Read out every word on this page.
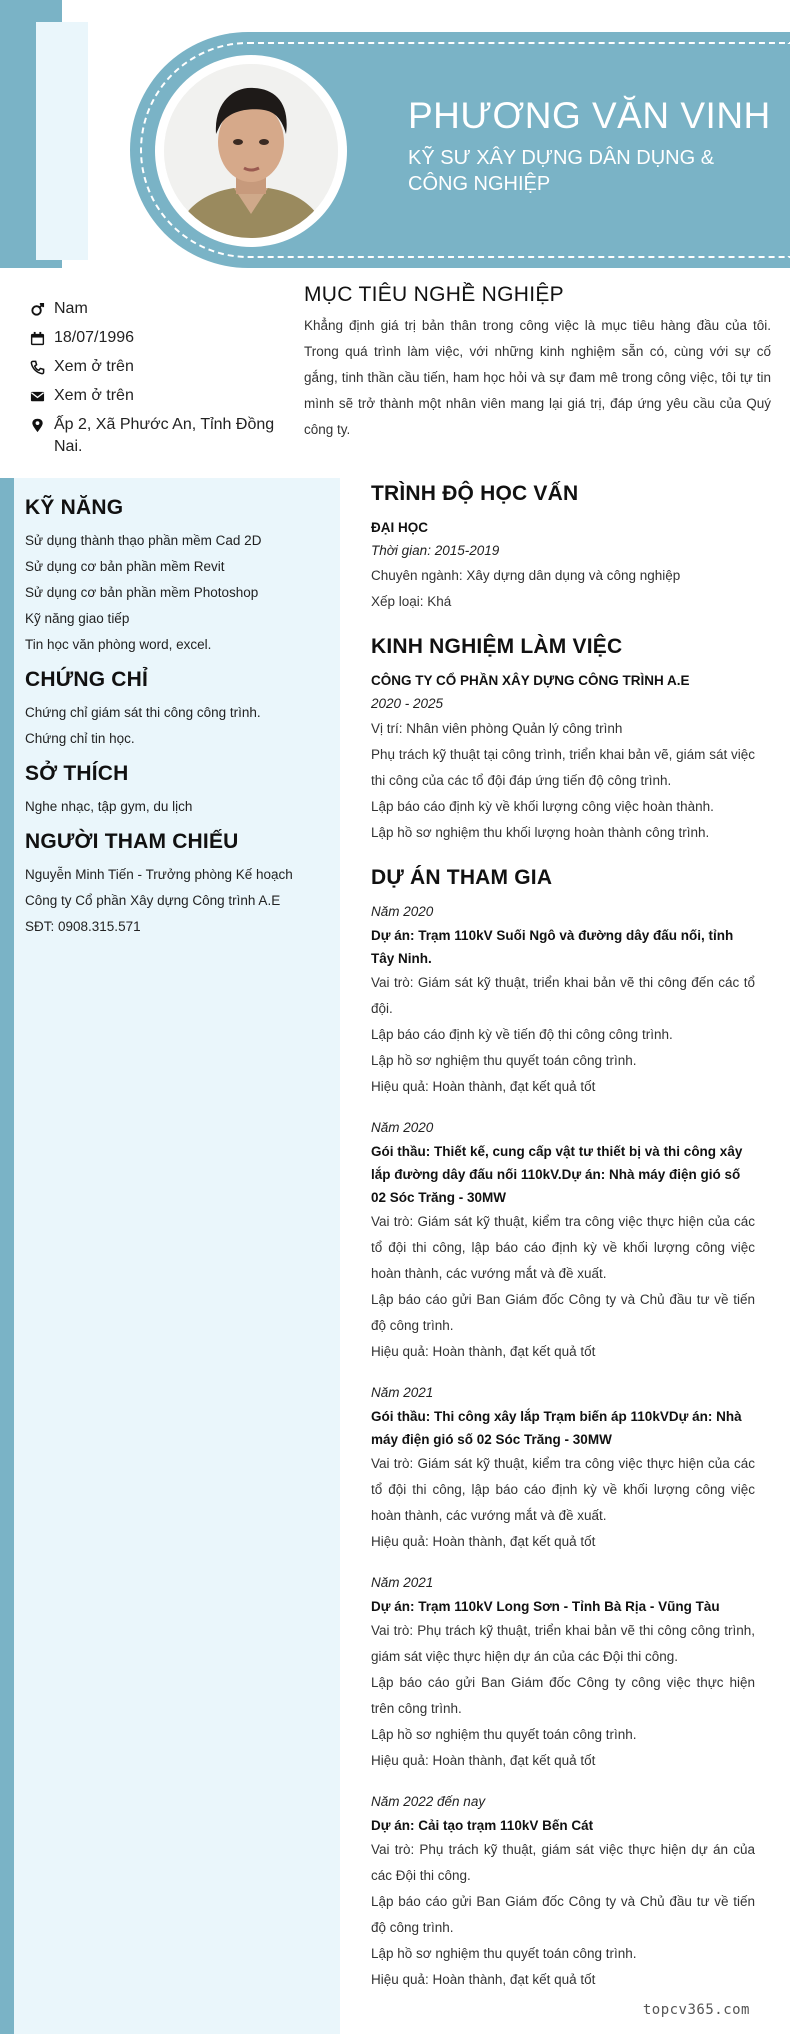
PHƯƠNG VĂN VINH
KỸ SƯ XÂY DỰNG DÂN DỤNG & CÔNG NGHIỆP
Nam
18/07/1996
Xem ở trên
Xem ở trên
Ấp 2, Xã Phước An, Tỉnh Đồng Nai.
MỤC TIÊU NGHỀ NGHIỆP

Khẳng định giá trị bản thân trong công việc là mục tiêu hàng đầu của tôi. Trong quá trình làm việc, với những kinh nghiệm sẵn có, cùng với sự cố gắng, tinh thần cầu tiến, ham học hỏi và sự đam mê trong công việc, tôi tự tin mình sẽ trở thành một nhân viên mang lại giá trị, đáp ứng yêu cầu của Quý công ty.

KỸ NĂNG
Sử dụng thành thạo phần mềm Cad 2D
Sử dụng cơ bản phần mềm Revit
Sử dụng cơ bản phần mềm Photoshop
Kỹ năng giao tiếp
Tin học văn phòng word, excel.
CHỨNG CHỈ
Chứng chỉ giám sát thi công công trình.
Chứng chỉ tin học.
SỞ THÍCH
Nghe nhạc, tập gym, du lịch
NGƯỜI THAM CHIẾU
Nguyễn Minh Tiến - Trưởng phòng Kế hoạch
Công ty Cổ phần Xây dựng Công trình A.E
SĐT: 0908.315.571
TRÌNH ĐỘ HỌC VẤN
ĐẠI HỌC
Thời gian: 2015-2019
Chuyên ngành: Xây dựng dân dụng và công nghiệp
Xếp loại: Khá
KINH NGHIỆM LÀM VIỆC
CÔNG TY CỔ PHẦN XÂY DỰNG CÔNG TRÌNH A.E
2020 - 2025
Vị trí: Nhân viên phòng Quản lý công trình
Phụ trách kỹ thuật tại công trình, triển khai bản vẽ, giám sát việc thi công của các tổ đội đáp ứng tiến độ công trình.
Lập báo cáo định kỳ về khối lượng công việc hoàn thành.
Lập hồ sơ nghiệm thu khối lượng hoàn thành công trình.
DỰ ÁN THAM GIA
Năm 2020
Dự án: Trạm 110kV Suối Ngô và đường dây đấu nối, tỉnh Tây Ninh.
Vai trò: Giám sát kỹ thuật, triển khai bản vẽ thi công đến các tổ đội.
Lập báo cáo định kỳ về tiến độ thi công công trình.
Lập hồ sơ nghiệm thu quyết toán công trình.
Hiệu quả: Hoàn thành, đạt kết quả tốt
Năm 2020
Gói thầu: Thiết kế, cung cấp vật tư thiết bị và thi công xây lắp đường dây đấu nối 110kV.Dự án: Nhà máy điện gió số 02 Sóc Trăng - 30MW
Vai trò: Giám sát kỹ thuật, kiểm tra công việc thực hiện của các tổ đội thi công, lập báo cáo định kỳ về khối lượng công việc hoàn thành, các vướng mắt và đề xuất.
Lập báo cáo gửi Ban Giám đốc Công ty và Chủ đầu tư về tiến độ công trình.
Hiệu quả: Hoàn thành, đạt kết quả tốt
Năm 2021
Gói thầu: Thi công xây lắp Trạm biến áp 110kVDự án: Nhà máy điện gió số 02 Sóc Trăng - 30MW
Vai trò: Giám sát kỹ thuật, kiểm tra công việc thực hiện của các tổ đội thi công, lập báo cáo định kỳ về khối lượng công việc hoàn thành, các vướng mắt và đề xuất.
Hiệu quả: Hoàn thành, đạt kết quả tốt
Năm 2021
Dự án: Trạm 110kV Long Sơn - Tỉnh Bà Rịa - Vũng Tàu
Vai trò: Phụ trách kỹ thuật, triển khai bản vẽ thi công công trình, giám sát việc thực hiện dự án của các Đội thi công.
Lập báo cáo gửi Ban Giám đốc Công ty công việc thực hiện trên công trình.
Lập hồ sơ nghiệm thu quyết toán công trình.
Hiệu quả: Hoàn thành, đạt kết quả tốt
Năm 2022 đến nay
Dự án: Cải tạo trạm 110kV Bến Cát
Vai trò: Phụ trách kỹ thuật, giám sát việc thực hiện dự án của các Đội thi công.
Lập báo cáo gửi Ban Giám đốc Công ty và Chủ đầu tư về tiến độ công trình.
Lập hồ sơ nghiệm thu quyết toán công trình.
Hiệu quả: Hoàn thành, đạt kết quả tốt
topcv365.com
